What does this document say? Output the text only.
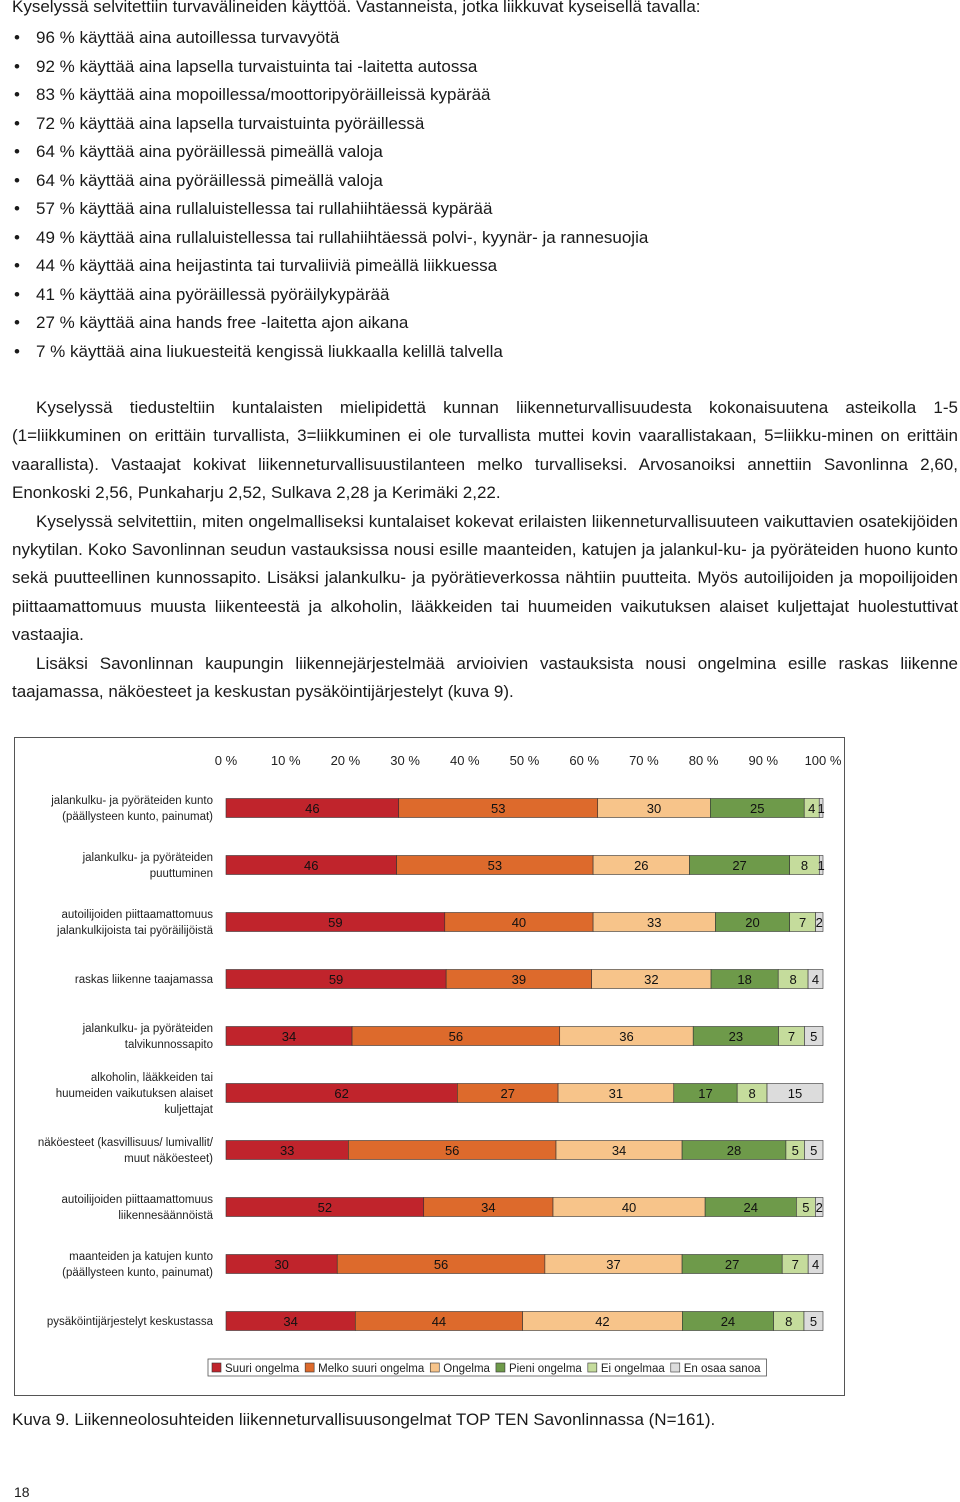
Kyselyssä selvitettiin turvavälineiden käyttöä. Vastanneista, jotka liikkuvat kyseisellä tavalla:
• 96 % käyttää aina autoillessa turvavyötä
• 92 % käyttää aina lapsella turvaistuinta tai -laitetta autossa
• 83 % käyttää aina mopoillessa/moottoripyöräilleissä kypärää
• 72 % käyttää aina lapsella turvaistuinta pyöräillessä
• 64 % käyttää aina pyöräillessä pimeällä valoja
• 64 % käyttää aina pyöräillessä pimeällä valoja
• 57 % käyttää aina rullaluistellessa tai rullahiihtäessä kypärää
• 49 % käyttää aina rullaluistellessa tai rullahiihtäessä polvi-, kyynär- ja rannesuojia
• 44 % käyttää aina heijastinta tai turvaliiviä pimeällä liikkuessa
• 41 % käyttää aina pyöräillessä pyöräilykypärää
• 27 % käyttää aina hands free -laitetta ajon aikana
• 7 % käyttää aina liukuesteitä kengissä liukkaalla kelillä talvella

Kyselyssä tiedusteltiin kuntalaisten mielipidettä kunnan liikenneturvallisuudesta kokonaisuutena asteikolla 1-5 (1=liikkuminen on erittäin turvallista, 3=liikkuminen ei ole turvallista muttei kovin vaarallistakaan, 5=liikku-minen on erittäin vaarallista). Vastaajat kokivat liikenneturvallisuustilanteen melko turvalliseksi. Arvosanoiksi annettiin Savonlinna 2,60, Enonkoski 2,56, Punkaharju 2,52, Sulkava 2,28 ja Kerimäki 2,22.

Kyselyssä selvitettiin, miten ongelmalliseksi kuntalaiset kokevat erilaisten liikenneturvallisuuteen vaikuttavien osatekijöiden nykytilan. Koko Savonlinnan seudun vastauksissa nousi esille maanteiden, katujen ja jalankul-ku- ja pyöräteiden huono kunto sekä puutteellinen kunnossapito. Lisäksi jalankulku- ja pyörätieverkossa nähtiin puutteita. Myös autoilijoiden ja mopoilijoiden piittaamattomuus muusta liikenteestä ja alkoholin, lääkkeiden tai huumeiden vaikutuksen alaiset kuljettajat huolestuttivat vastaajia.

Lisäksi Savonlinnan kaupungin liikennejärjestelmää arvioivien vastauksista nousi ongelmina esille raskas liikenne taajamassa, näköesteet ja keskustan pysäköintijärjestelyt (kuva 9).

0 %	10 % 20 % 30 % 40 % 50 % 60 % 70 % 80 % 90 % 100 %
jalankulku- ja pyöräteiden kunto
(päällysteen kunto, painumat)
46	53	30	25	4 1
jalankulku- ja pyöräteiden
puuttuminen
46	53	26	27	8 1
autoilijoiden piittaamattomuus
jalankulkijoista tai pyöräilijöistä
59	40	33	20	7 2
raskas liikenne taajamassa	59	39	32	18	8 4
jalankulku- ja pyöräteiden
talvikunnossapito
34	56	36	23	7 5
alkoholin, lääkkeiden tai
huumeiden vaikutuksen alaiset
kuljettajat
62	27	31	17	8 15
näköesteet (kasvillisuus/ lumivallit/
muut näköesteet)
33	56	34	28	5 5
autoilijoiden piittaamattomuus
liikennesäännöistä
52	34	40	24	5 2
maanteiden ja katujen kunto
(päällysteen kunto, painumat)
30	56	37	27	7 4
pysäköintijärjestelyt keskustassa	34	44	42	24	8 5
Suuri ongelma Melko suuri ongelma Ongelma Pieni ongelma Ei ongelmaa En osaa sanoa
Kuva 9. Liikenneolosuhteiden liikenneturvallisuusongelmat TOP TEN Savonlinnassa (N=161).
18
